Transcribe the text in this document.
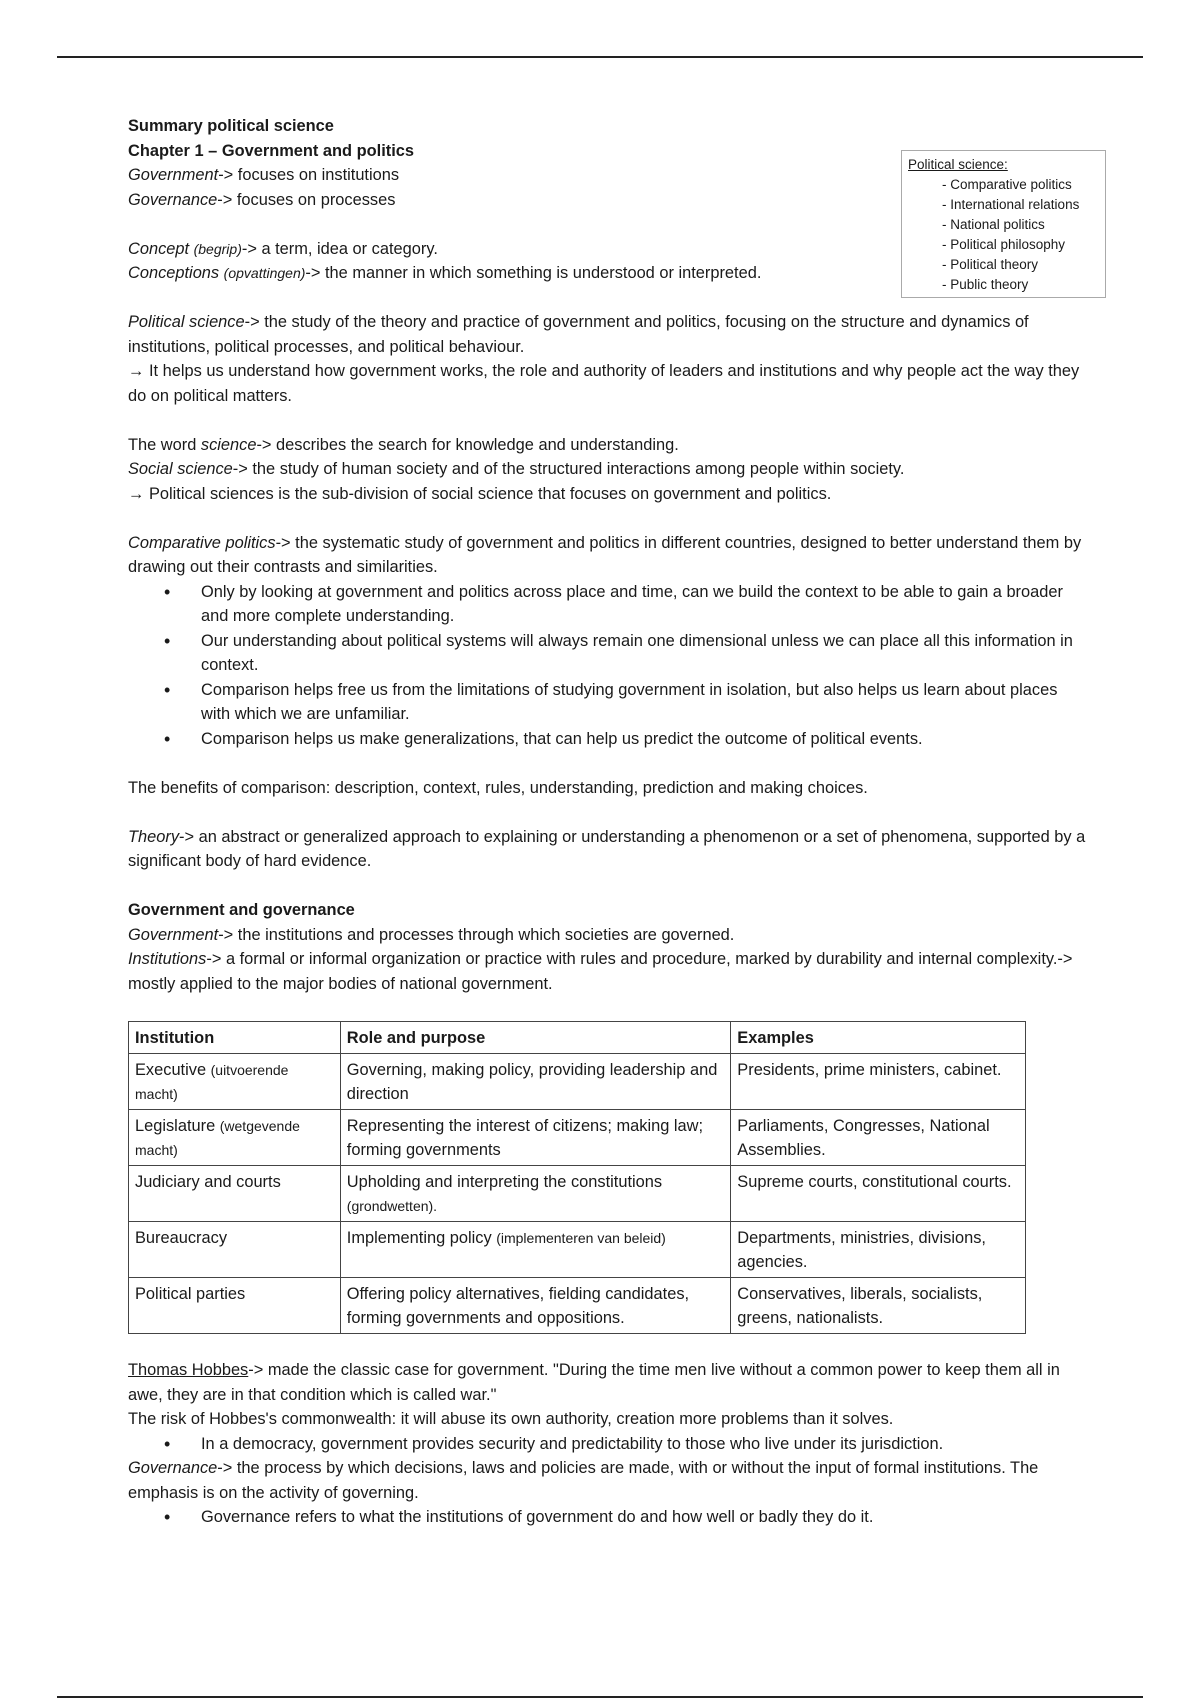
Political science:
- Comparative politics
- International relations
- National politics
- Political philosophy
- Political theory
- Public theory

Summary political science

Chapter 1 – Government and politics

Government-> focuses on institutions

Governance-> focuses on processes

Concept (begrip)-> a term, idea or category.

Conceptions (opvattingen)-> the manner in which something is understood or interpreted.

Political science-> the study of the theory and practice of government and politics, focusing on the structure and dynamics of institutions, political processes, and political behaviour.

→ It helps us understand how government works, the role and authority of leaders and institutions and why people act the way they do on political matters.

The word science-> describes the search for knowledge and understanding.

Social science-> the study of human society and of the structured interactions among people within society.

→ Political sciences is the sub-division of social science that focuses on government and politics.

Comparative politics-> the systematic study of government and politics in different countries, designed to better understand them by drawing out their contrasts and similarities.

• Only by looking at government and politics across place and time, can we build the context to be able to gain a broader and more complete understanding.
• Our understanding about political systems will always remain one dimensional unless we can place all this information in context.
• Comparison helps free us from the limitations of studying government in isolation, but also helps us learn about places with which we are unfamiliar.
• Comparison helps us make generalizations, that can help us predict the outcome of political events.

The benefits of comparison: description, context, rules, understanding, prediction and making choices.

Theory-> an abstract or generalized approach to explaining or understanding a phenomenon or a set of phenomena, supported by a significant body of hard evidence.

Government and governance

Government-> the institutions and processes through which societies are governed.

Institutions-> a formal or informal organization or practice with rules and procedure, marked by durability and internal complexity.-> mostly applied to the major bodies of national government.

Institution	Role and purpose	Examples
Executive (uitvoerende macht)	Governing, making policy, providing leadership and direction	Presidents, prime ministers, cabinet.
Legislature (wetgevende macht)	Representing the interest of citizens; making law; forming governments	Parliaments, Congresses, National Assemblies.
Judiciary and courts	Upholding and interpreting the constitutions (grondwetten).	Supreme courts, constitutional courts.
Bureaucracy	Implementing policy (implementeren van beleid)	Departments, ministries, divisions, agencies.
Political parties	Offering policy alternatives, fielding candidates, forming governments and oppositions.	Conservatives, liberals, socialists, greens, nationalists.

Thomas Hobbes-> made the classic case for government. "During the time men live without a common power to keep them all in awe, they are in that condition which is called war."

The risk of Hobbes's commonwealth: it will abuse its own authority, creation more problems than it solves.

• In a democracy, government provides security and predictability to those who live under its jurisdiction.

Governance-> the process by which decisions, laws and policies are made, with or without the input of formal institutions. The emphasis is on the activity of governing.

• Governance refers to what the institutions of government do and how well or badly they do it.
